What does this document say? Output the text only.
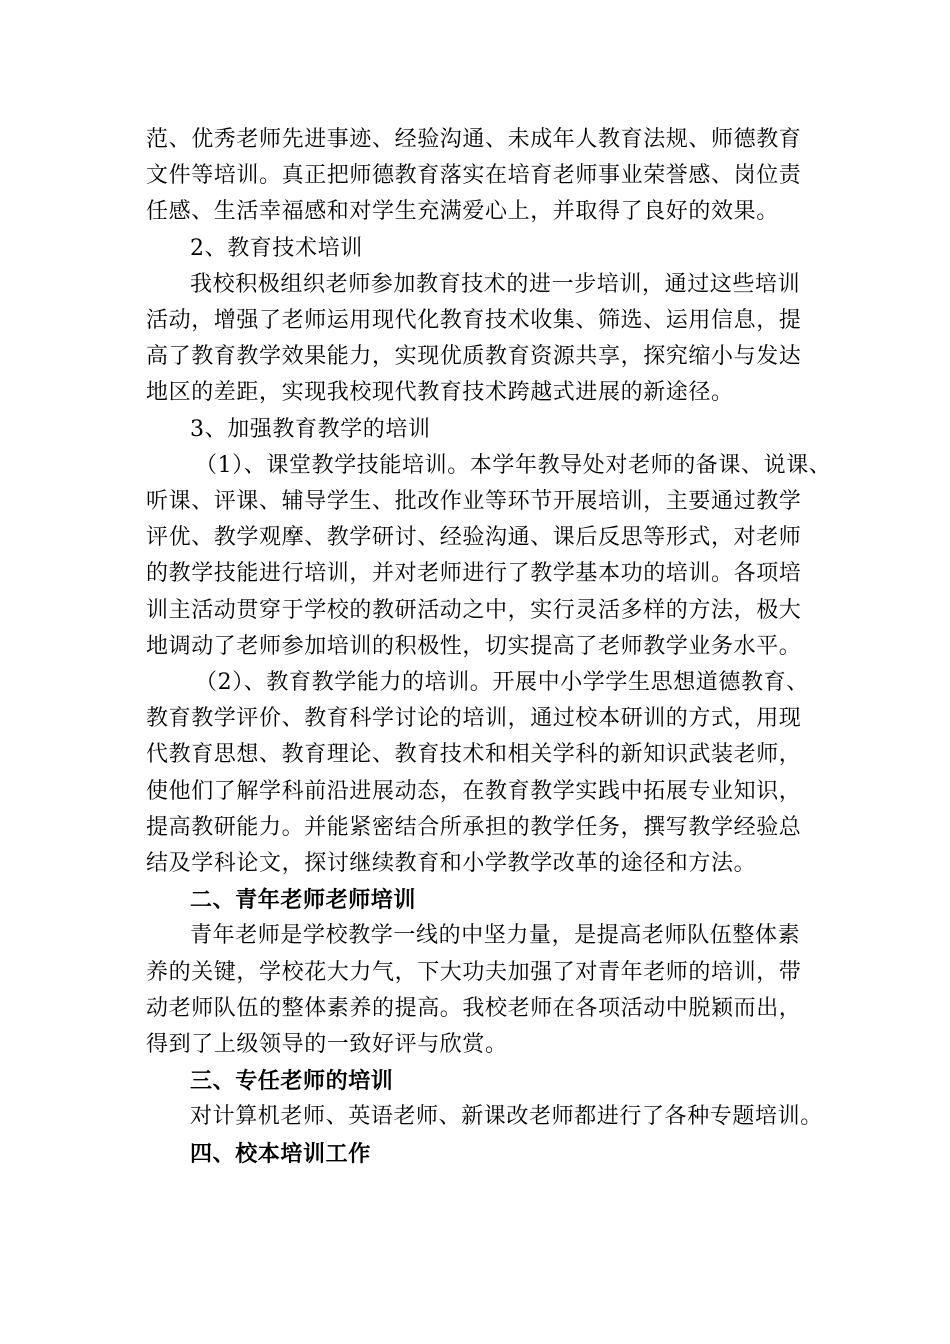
范、优秀老师先进事迹、经验沟通、未成年人教育法规、师德教育
文件等培训。真正把师德教育落实在培育老师事业荣誉感、岗位责
任感、生活幸福感和对学生充满爱心上，并取得了良好的效果。
2、教育技术培训
我校积极组织老师参加教育技术的进一步培训，通过这些培训
活动，增强了老师运用现代化教育技术收集、筛选、运用信息，提
高了教育教学效果能力，实现优质教育资源共享，探究缩小与发达
地区的差距，实现我校现代教育技术跨越式进展的新途径。
3、加强教育教学的培训
（1）、课堂教学技能培训。本学年教导处对老师的备课、说课、
听课、评课、辅导学生、批改作业等环节开展培训，主要通过教学
评优、教学观摩、教学研讨、经验沟通、课后反思等形式，对老师
的教学技能进行培训，并对老师进行了教学基本功的培训。各项培
训主活动贯穿于学校的教研活动之中，实行灵活多样的方法，极大
地调动了老师参加培训的积极性，切实提高了老师教学业务水平。
（2）、教育教学能力的培训。开展中小学学生思想道德教育、
教育教学评价、教育科学讨论的培训，通过校本研训的方式，用现
代教育思想、教育理论、教育技术和相关学科的新知识武装老师，
使他们了解学科前沿进展动态，在教育教学实践中拓展专业知识，
提高教研能力。并能紧密结合所承担的教学任务，撰写教学经验总
结及学科论文，探讨继续教育和小学教学改革的途径和方法。
二、青年老师老师培训
青年老师是学校教学一线的中坚力量，是提高老师队伍整体素
养的关键，学校花大力气，下大功夫加强了对青年老师的培训，带
动老师队伍的整体素养的提高。我校老师在各项活动中脱颖而出，
得到了上级领导的一致好评与欣赏。
三、专任老师的培训
对计算机老师、英语老师、新课改老师都进行了各种专题培训。
四、校本培训工作
